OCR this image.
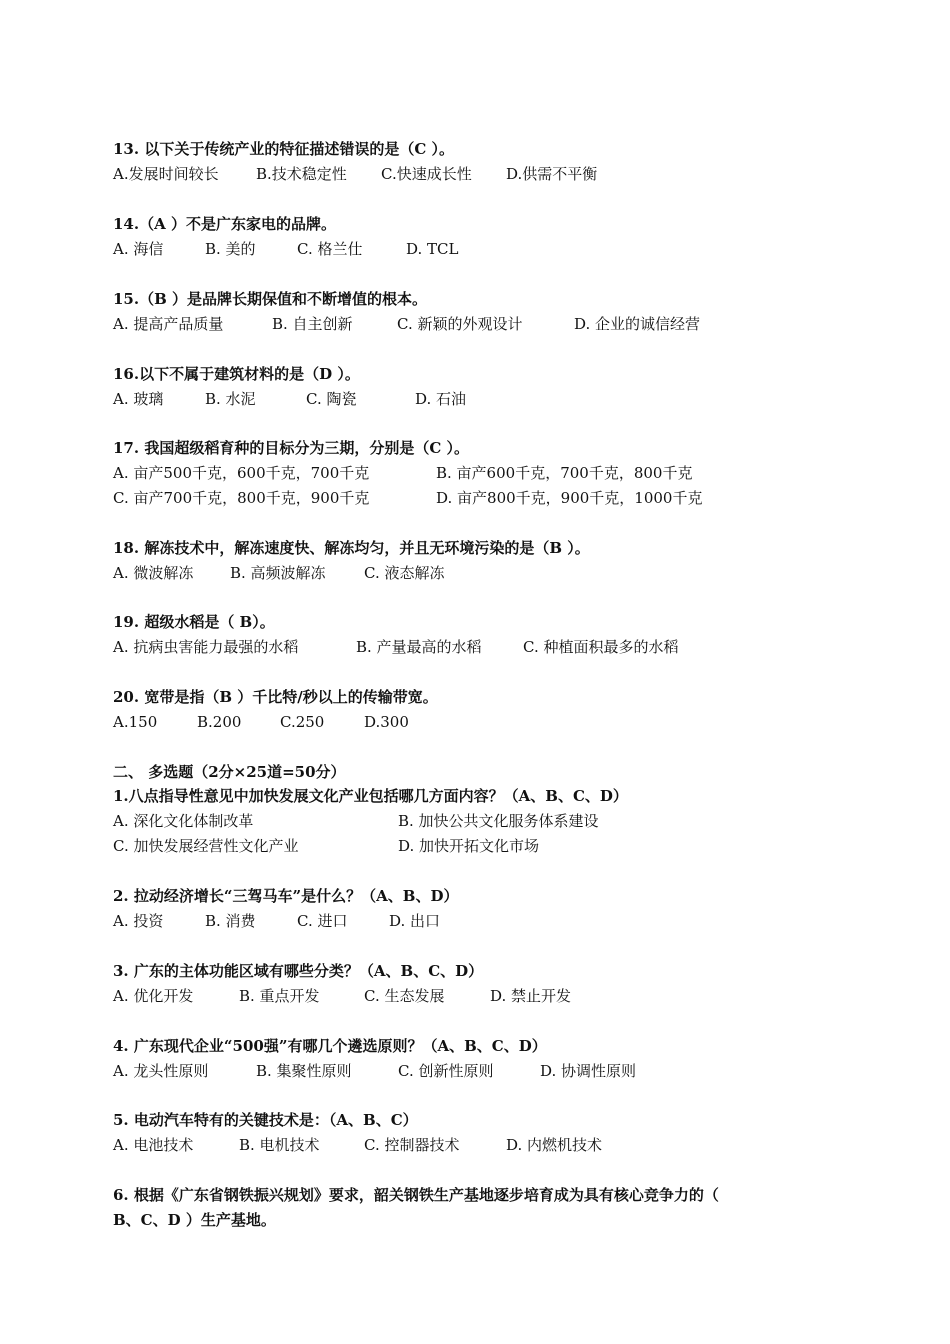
13. 以下关于传统产业的特征描述错误的是（C ）。
A.发展时间较长 B.技术稳定性 C.快速成长性 D.供需不平衡
14.（A ）不是广东家电的品牌。
A. 海信	B. 美的	C. 格兰仕	D. TCL
15.（B ）是品牌长期保值和不断增值的根本。
A. 提高产品质量	B. 自主创新	C. 新颖的外观设计	D. 企业的诚信经营
16.以下不属于建筑材料的是（D ）。
A. 玻璃	B. 水泥	C. 陶瓷	D. 石油
17. 我国超级稻育种的目标分为三期，分别是（C ）。
A. 亩产500千克，600千克，700千克	B. 亩产600千克，700千克，800千克
C. 亩产700千克，800千克，900千克	D. 亩产800千克，900千克，1000千克
18. 解冻技术中，解冻速度快、解冻均匀，并且无环境污染的是（B ）。
A. 微波解冻 B. 高频波解冻	C. 液态解冻
19. 超级水稻是（ B）。
A. 抗病虫害能力最强的水稻	B. 产量最高的水稻	C. 种植面积最多的水稻
20. 宽带是指（B ）千比特/秒以上的传输带宽。
A.150	B.200	C.250	D.300
二、 多选题（2分×25道=50分）
1.八点指导性意见中加快发展文化产业包括哪几方面内容？（A、B、C、D）
A. 深化文化体制改革	B. 加快公共文化服务体系建设
C. 加快发展经营性文化产业	D. 加快开拓文化市场
2. 拉动经济增长“三驾马车”是什么？（A、B、D）
A. 投资	B. 消费	C. 进口	D. 出口
3. 广东的主体功能区域有哪些分类？（A、B、C、D）
A. 优化开发	B. 重点开发	C. 生态发展	D. 禁止开发
4. 广东现代企业“500强”有哪几个遴选原则？（A、B、C、D）
A. 龙头性原则	B. 集聚性原则	C. 创新性原则	D. 协调性原则
5. 电动汽车特有的关键技术是：（A、B、C）
A. 电池技术	B. 电机技术	C. 控制器技术	D. 内燃机技术
6. 根据《广东省钢铁振兴规划》要求，韶关钢铁生产基地逐步培育成为具有核心竞争力的（
B、C、D ）生产基地。
